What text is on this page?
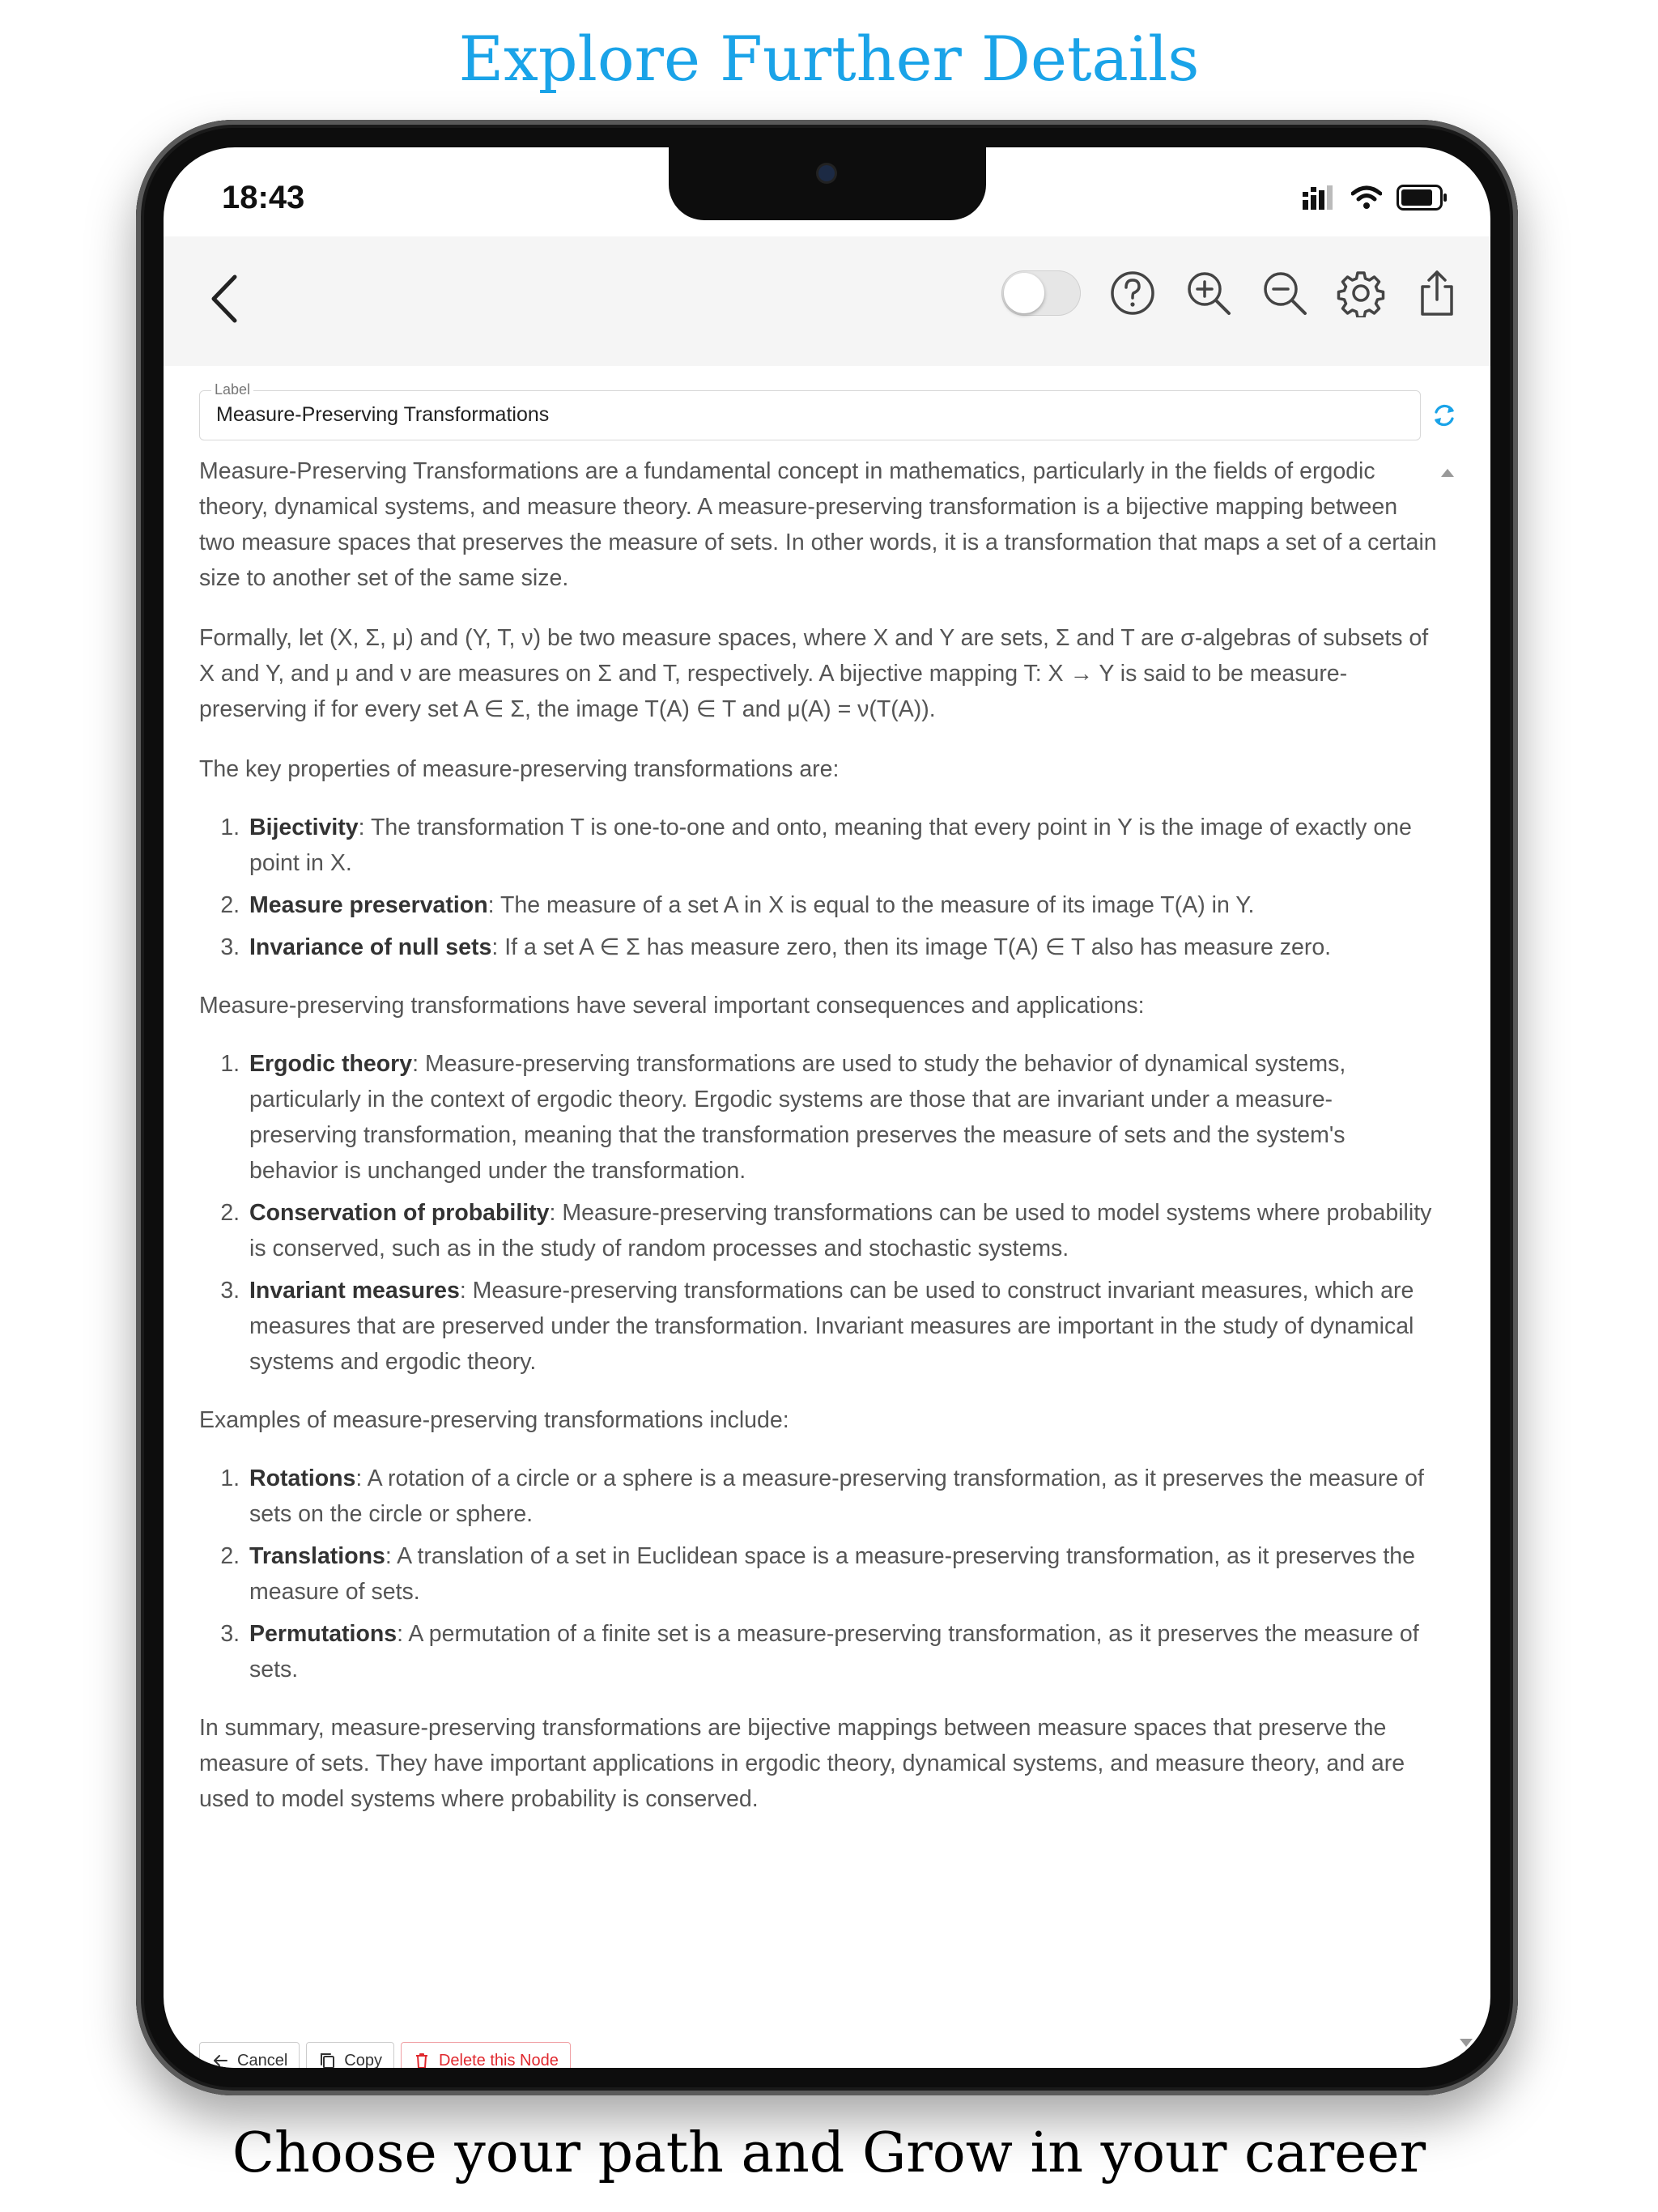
Explore Further Details
18:43
Label
Measure-Preserving Transformations

Measure-Preserving Transformations are a fundamental concept in mathematics, particularly in the fields of ergodic theory, dynamical systems, and measure theory. A measure-preserving transformation is a bijective mapping between two measure spaces that preserves the measure of sets. In other words, it is a transformation that maps a set of a certain size to another set of the same size.

Formally, let (X, Σ, μ) and (Y, T, ν) be two measure spaces, where X and Y are sets, Σ and T are σ-algebras of subsets of X and Y, and μ and ν are measures on Σ and T, respectively. A bijective mapping T: X → Y is said to be measure-preserving if for every set A ∈ Σ, the image T(A) ∈ T and μ(A) = ν(T(A)).

The key properties of measure-preserving transformations are:

1. Bijectivity: The transformation T is one-to-one and onto, meaning that every point in Y is the image of exactly one point in X.
2. Measure preservation: The measure of a set A in X is equal to the measure of its image T(A) in Y.
3. Invariance of null sets: If a set A ∈ Σ has measure zero, then its image T(A) ∈ T also has measure zero.

Measure-preserving transformations have several important consequences and applications:

1. Ergodic theory: Measure-preserving transformations are used to study the behavior of dynamical systems, particularly in the context of ergodic theory. Ergodic systems are those that are invariant under a measure-preserving transformation, meaning that the transformation preserves the measure of sets and the system's behavior is unchanged under the transformation.
2. Conservation of probability: Measure-preserving transformations can be used to model systems where probability is conserved, such as in the study of random processes and stochastic systems.
3. Invariant measures: Measure-preserving transformations can be used to construct invariant measures, which are measures that are preserved under the transformation. Invariant measures are important in the study of dynamical systems and ergodic theory.

Examples of measure-preserving transformations include:

1. Rotations: A rotation of a circle or a sphere is a measure-preserving transformation, as it preserves the measure of sets on the circle or sphere.
2. Translations: A translation of a set in Euclidean space is a measure-preserving transformation, as it preserves the measure of sets.
3. Permutations: A permutation of a finite set is a measure-preserving transformation, as it preserves the measure of sets.

In summary, measure-preserving transformations are bijective mappings between measure spaces that preserve the measure of sets. They have important applications in ergodic theory, dynamical systems, and measure theory, and are used to model systems where probability is conserved.

Cancel	Copy	Delete this Node
Choose your path and Grow in your career
